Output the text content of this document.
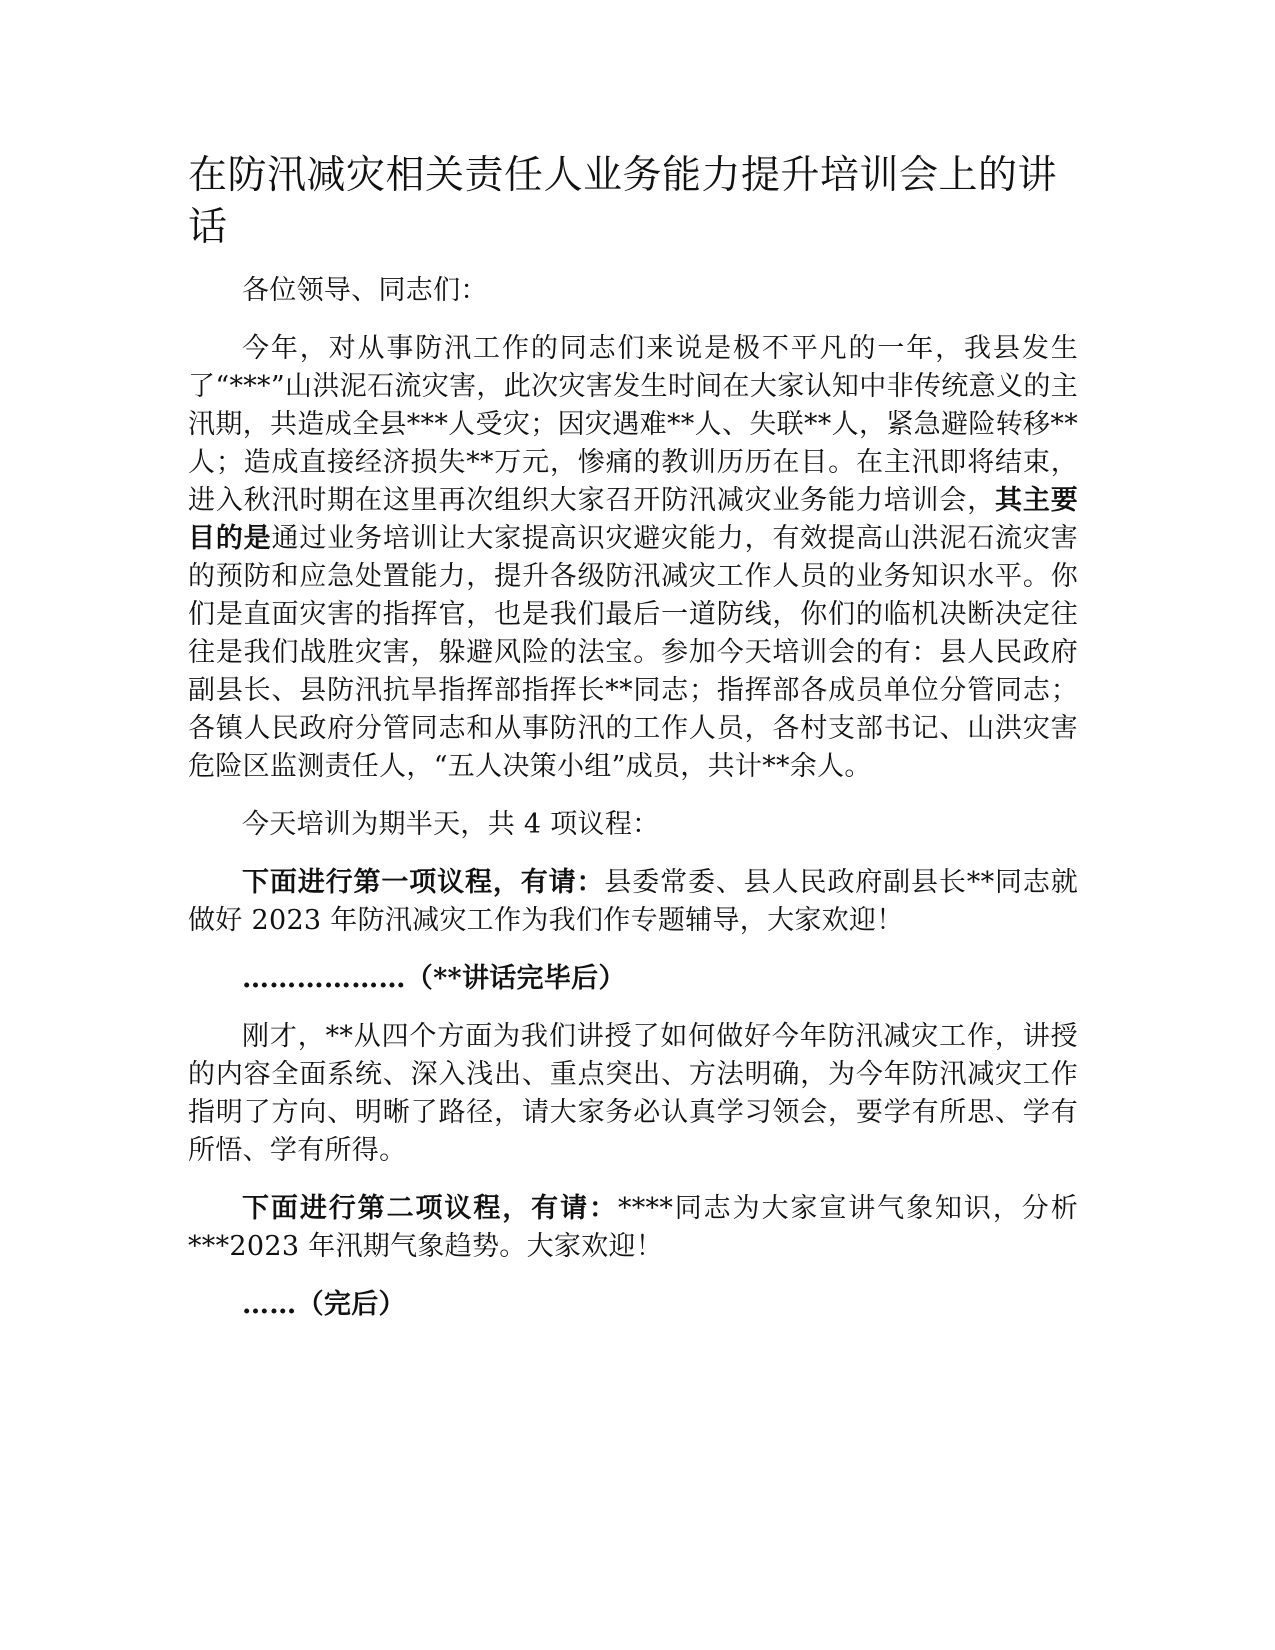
在防汛减灾相关责任人业务能力提升培训会上的讲话

各位领导、同志们：

今年，对从事防汛工作的同志们来说是极不平凡的一年，我县发生了“***”山洪泥石流灾害，此次灾害发生时间在大家认知中非传统意义的主汛期，共造成全县***人受灾；因灾遇难**人、失联**人，紧急避险转移**人；造成直接经济损失**万元，惨痛的教训历历在目。在主汛即将结束，进入秋汛时期在这里再次组织大家召开防汛减灾业务能力培训会，其主要目的是通过业务培训让大家提高识灾避灾能力，有效提高山洪泥石流灾害的预防和应急处置能力，提升各级防汛减灾工作人员的业务知识水平。你们是直面灾害的指挥官，也是我们最后一道防线，你们的临机决断决定往往是我们战胜灾害，躲避风险的法宝。参加今天培训会的有：县人民政府副县长、县防汛抗旱指挥部指挥长**同志；指挥部各成员单位分管同志；各镇人民政府分管同志和从事防汛的工作人员，各村支部书记、山洪灾害危险区监测责任人，“五人决策小组”成员，共计**余人。

今天培训为期半天，共 4 项议程：

下面进行第一项议程，有请：县委常委、县人民政府副县长**同志就做好 2023 年防汛减灾工作为我们作专题辅导，大家欢迎！

………………（**讲话完毕后）

刚才，**从四个方面为我们讲授了如何做好今年防汛减灾工作，讲授的内容全面系统、深入浅出、重点突出、方法明确，为今年防汛减灾工作指明了方向、明晰了路径，请大家务必认真学习领会，要学有所思、学有所悟、学有所得。

下面进行第二项议程，有请：****同志为大家宣讲气象知识，分析***2023 年汛期气象趋势。大家欢迎！

……（完后）
